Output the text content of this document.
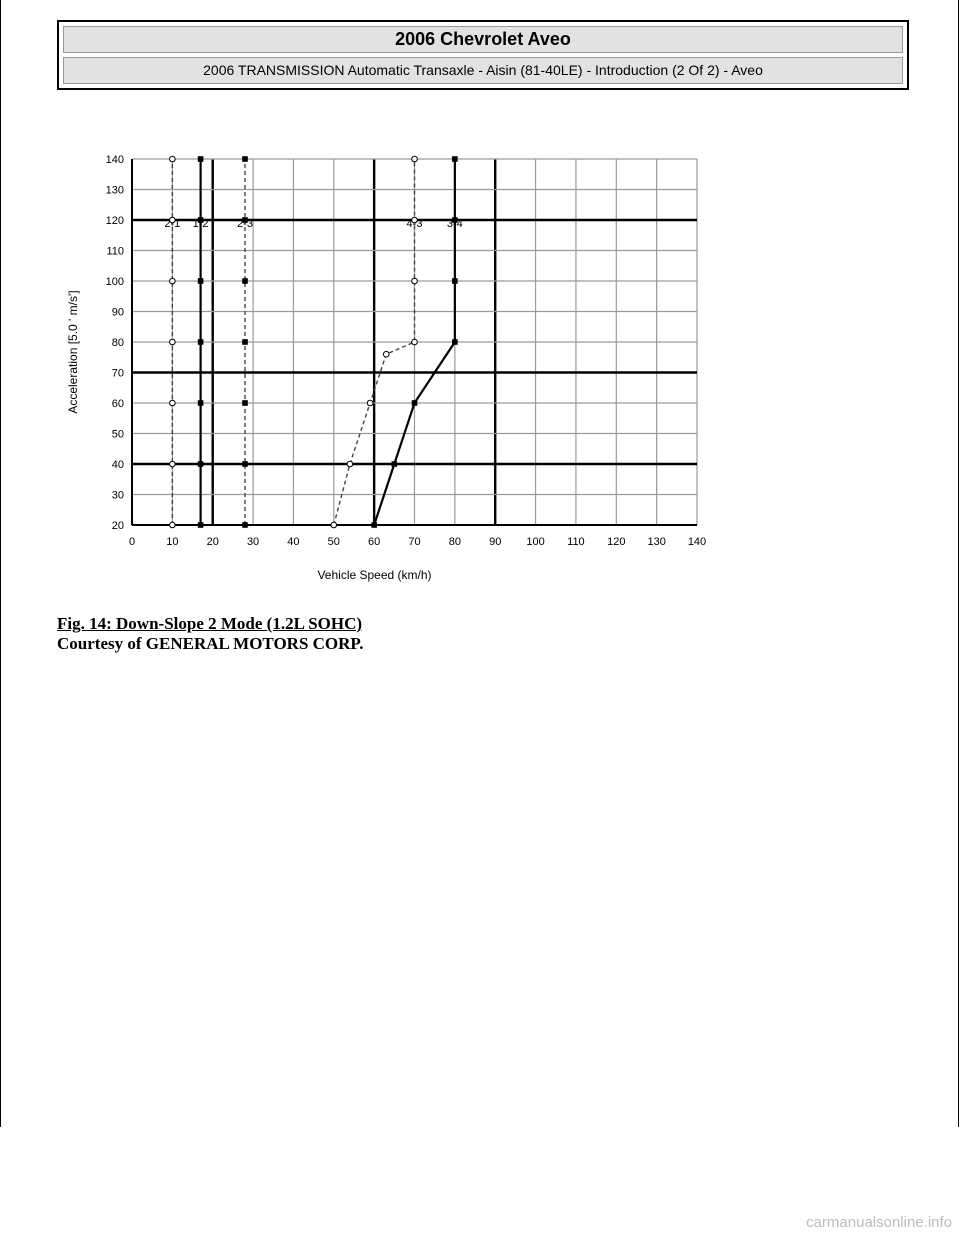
2006 Chevrolet Aveo
2006 TRANSMISSION Automatic Transaxle - Aisin (81-40LE) - Introduction (2 Of 2) - Aveo
2-1 1-2	2-3	4-3 3-4
0	10	20	30	40	50	60	70	80	90 100 110 120 130 140
20
30
40
50
60
70
80
90
100
110
120
130
140
Vehicle Speed (km/h)
Acceleration [5.0 ' m/s']
Fig. 14: Down-Slope 2 Mode (1.2L SOHC)
Courtesy of GENERAL MOTORS CORP.
carmanualsonline.info
